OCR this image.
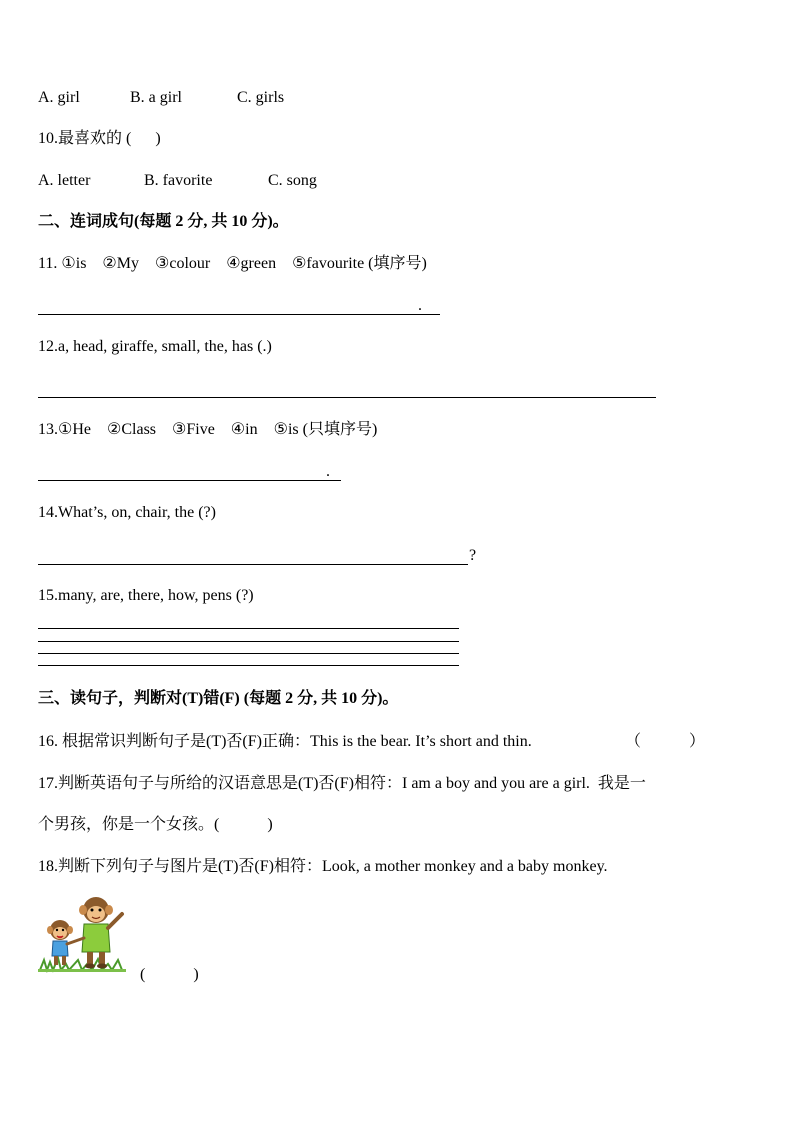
A. girl	B. a girl	C. girls
10.最喜欢的 (      )
A. letter	B. favorite	C. song
二、连词成句(每题 2 分, 共 10 分)。
11. ①is    ②My    ③colour    ④green    ⑤favourite (填序号)
.
12.a, head, giraffe, small, the, has (.)
13.①He    ②Class    ③Five    ④in    ⑤is (只填序号)
.
14.What’s, on, chair, the (?)
?
15.many, are, there, how, pens (?)
三、读句子，判断对(T)错(F) (每题 2 分, 共 10 分)。
16. 根据常识判断句子是(T)否(F)正确：This is the bear. It’s short and thin.	（            ）
17.判断英语句子与所给的汉语意思是(T)否(F)相符：I am a boy and you are a girl.  我是一
个男孩，你是一个女孩。(            )
18.判断下列句子与图片是(T)否(F)相符：Look, a mother monkey and a baby monkey.
(            )
